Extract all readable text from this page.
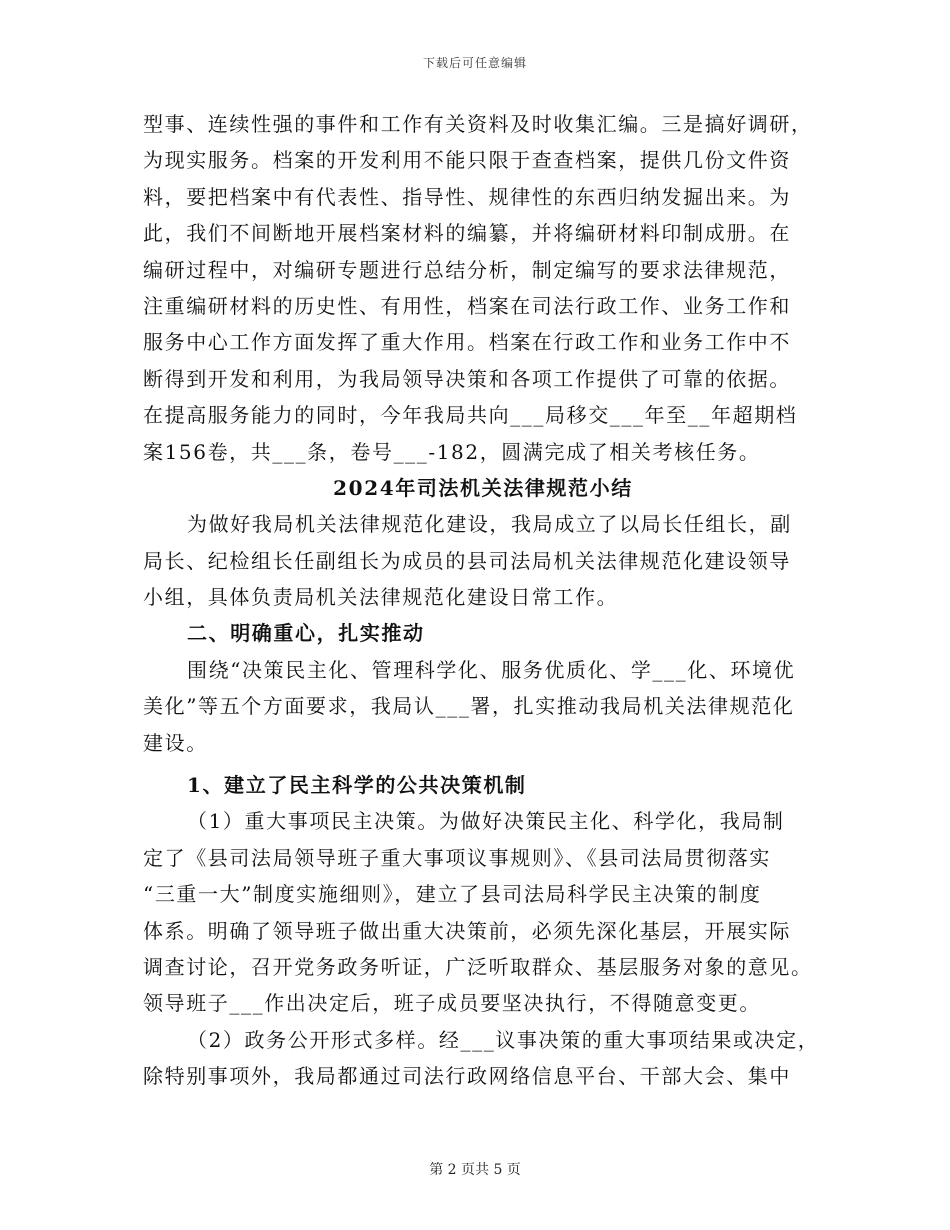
下载后可任意编辑
型事、连续性强的事件和工作有关资料及时收集汇编。三是搞好调研，
为现实服务。档案的开发利用不能只限于查查档案，提供几份文件资
料，要把档案中有代表性、指导性、规律性的东西归纳发掘出来。为
此，我们不间断地开展档案材料的编纂，并将编研材料印制成册。在
编研过程中，对编研专题进行总结分析，制定编写的要求法律规范，
注重编研材料的历史性、有用性，档案在司法行政工作、业务工作和
服务中心工作方面发挥了重大作用。档案在行政工作和业务工作中不
断得到开发和利用，为我局领导决策和各项工作提供了可靠的依据。
在提高服务能力的同时，今年我局共向___局移交___年至__年超期档
案156卷，共___条，卷号___-182，圆满完成了相关考核任务。
2024年司法机关法律规范小结
为做好我局机关法律规范化建设，我局成立了以局长任组长，副
局长、纪检组长任副组长为成员的县司法局机关法律规范化建设领导
小组，具体负责局机关法律规范化建设日常工作。
二、明确重心，扎实推动
围绕“决策民主化、管理科学化、服务优质化、学___化、环境优
美化”等五个方面要求，我局认___署，扎实推动我局机关法律规范化
建设。
1、建立了民主科学的公共决策机制
（1）重大事项民主决策。为做好决策民主化、科学化，我局制
定了《县司法局领导班子重大事项议事规则》、《县司法局贯彻落实
“三重一大”制度实施细则》，建立了县司法局科学民主决策的制度
体系。明确了领导班子做出重大决策前，必须先深化基层，开展实际
调查讨论，召开党务政务听证，广泛听取群众、基层服务对象的意见。
领导班子___作出决定后，班子成员要坚决执行，不得随意变更。
（2）政务公开形式多样。经___议事决策的重大事项结果或决定，
除特别事项外，我局都通过司法行政网络信息平台、干部大会、集中
第 2 页共 5 页
